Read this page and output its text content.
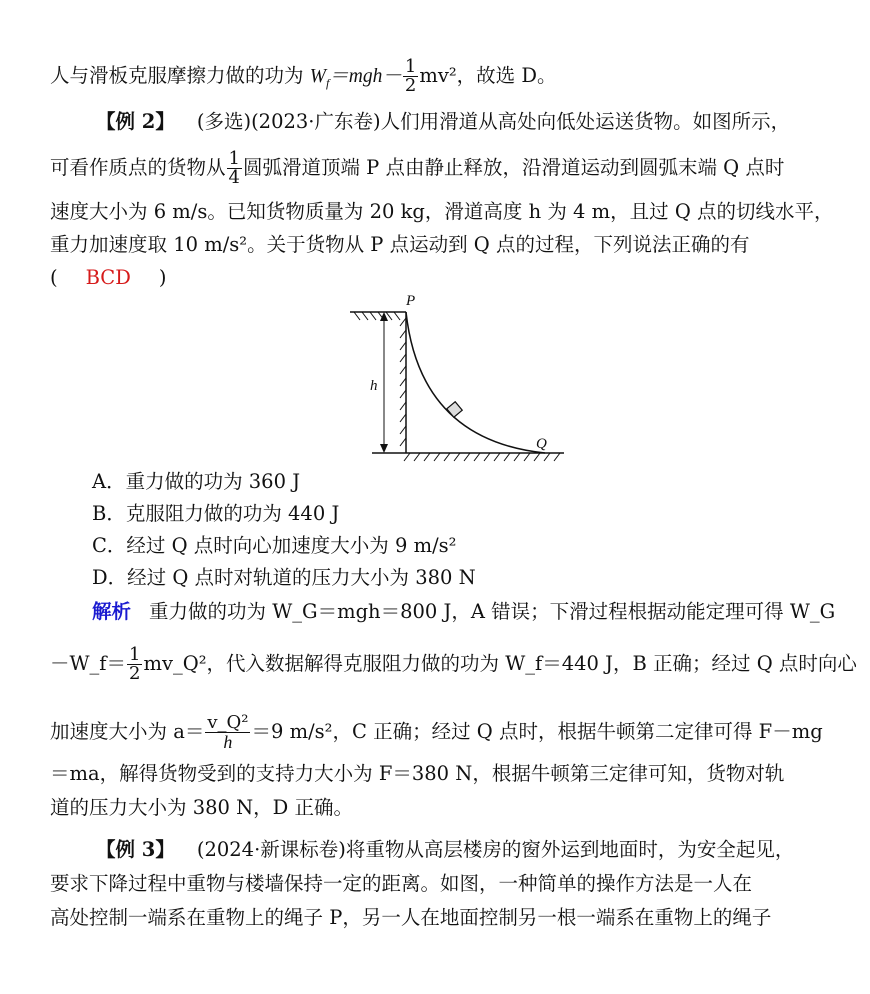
人与滑板克服摩擦力做的功为 $W_f=mgh- \frac{1}{2} mv^2$，故选 D。
【例 2】 (多选)(2023·广东卷)人们用滑道从高处向低处运送货物。如图所示，
可看作质点的货物从 $\frac{1}{4}$ 圆弧滑道顶端 P 点由静止释放，沿滑道运动到圆弧末端 Q 点时
速度大小为 6 m/s。已知货物质量为 20 kg，滑道高度 h 为 4 m，且过 Q 点的切线水平，
重力加速度取 10 m/s²。关于货物从 P 点运动到 Q 点的过程，下列说法正确的有
( BCD )
h
P
Q
A．重力做的功为 360 J
B．克服阻力做的功为 440 J
C．经过 Q 点时向心加速度大小为 9 m/s²
D．经过 Q 点时对轨道的压力大小为 380 N
解析 重力做的功为 W_G＝mgh＝800 J，A 错误；下滑过程根据动能定理可得 W_G
－W_f＝ $\frac{1}{2}$ mv_Q²，代入数据解得克服阻力做的功为 W_f＝440 J，B 正确；经过 Q 点时向心
加速度大小为 $a= \frac{\text{v\_Q²}}{h} =9$ m/s²，C 正确；经过 Q 点时，根据牛顿第二定律可得 F－mg
＝ma，解得货物受到的支持力大小为 F＝380 N，根据牛顿第三定律可知，货物对轨
道的压力大小为 380 N，D 正确。
【例 3】 (2024·新课标卷)将重物从高层楼房的窗外运到地面时，为安全起见，
要求下降过程中重物与楼墙保持一定的距离。如图，一种简单的操作方法是一人在
高处控制一端系在重物上的绳子 P，另一人在地面控制另一根一端系在重物上的绳子
